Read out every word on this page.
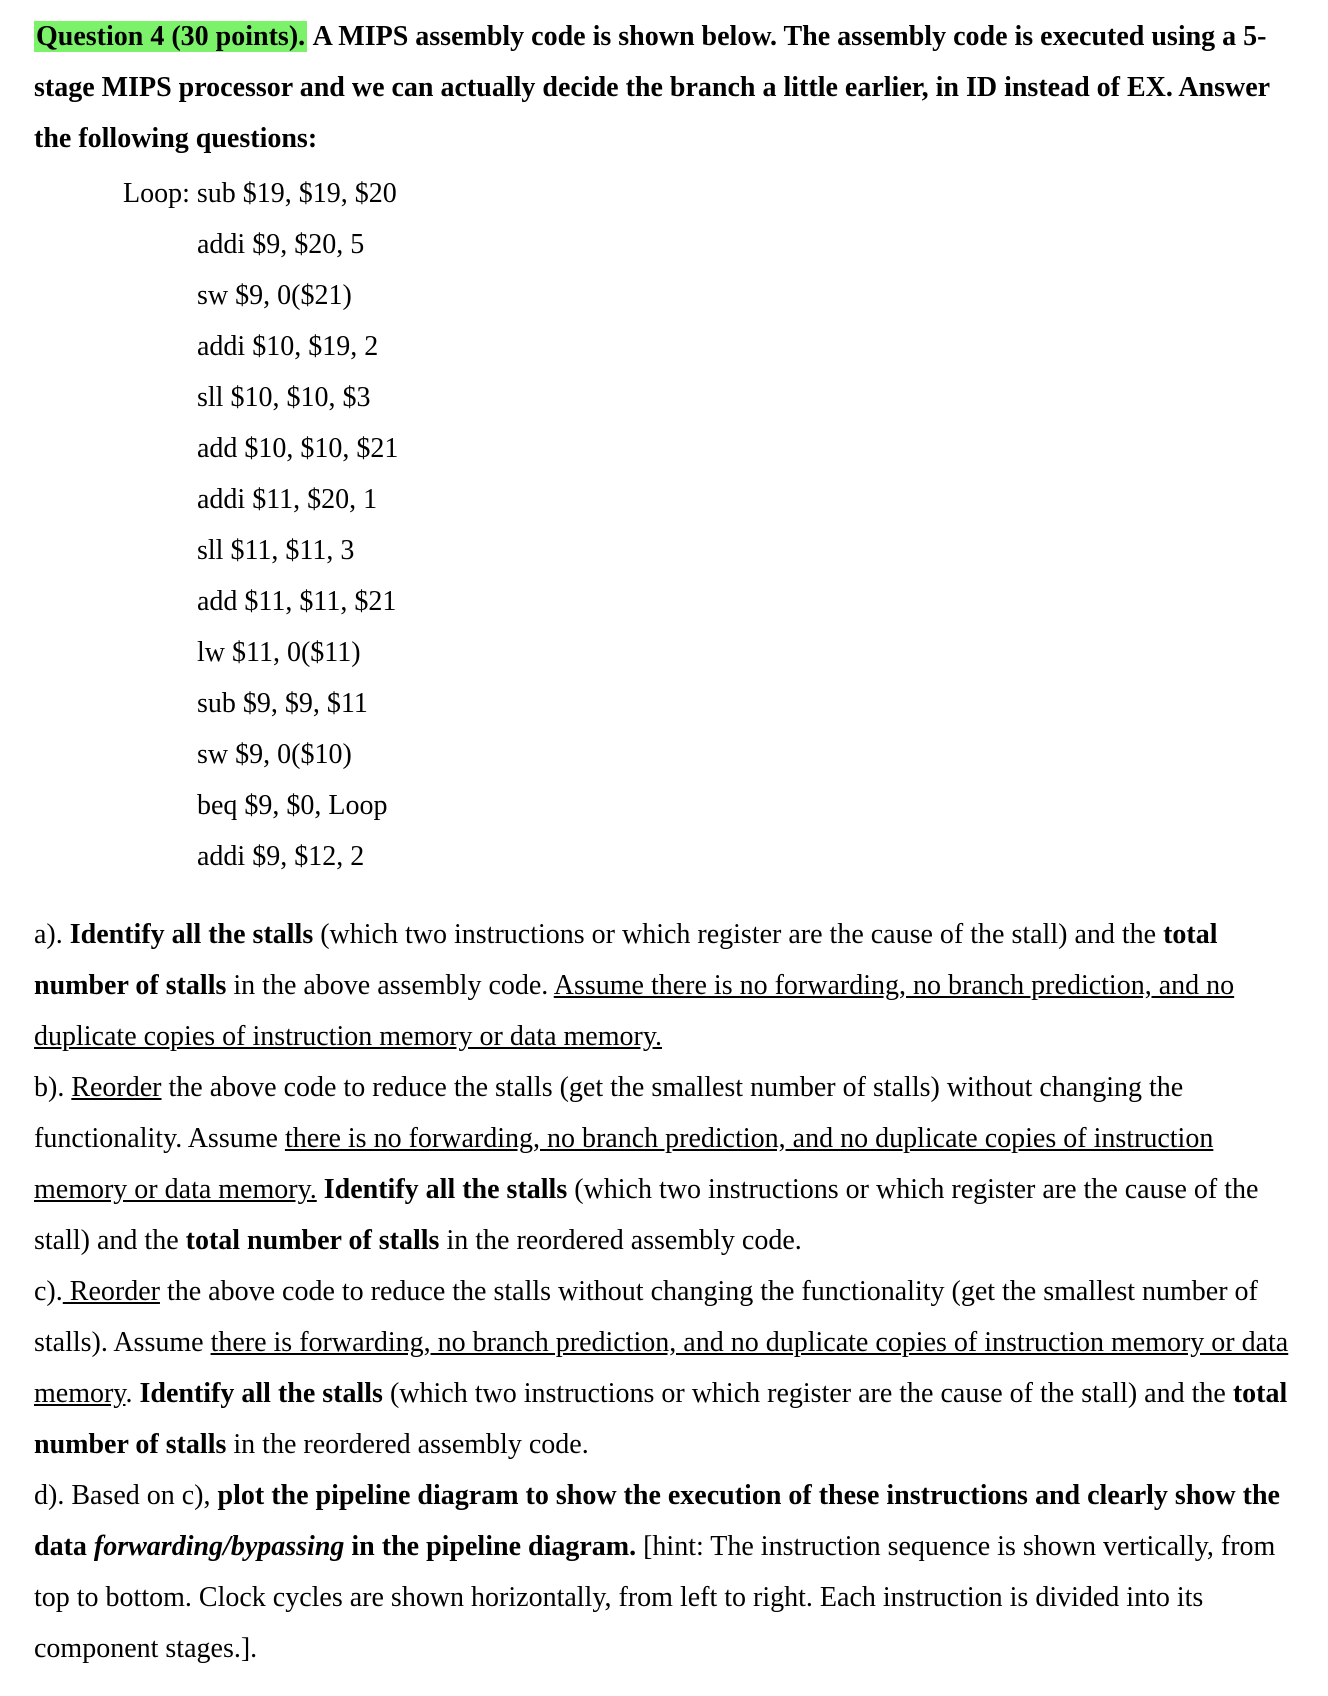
Question 4 (30 points). A MIPS assembly code is shown below. The assembly code is executed using a 5-stage MIPS processor and we can actually decide the branch a little earlier, in ID instead of EX. Answer the following questions:
Loop: sub $19, $19, $20
addi $9, $20, 5
sw $9, 0($21)
addi $10, $19, 2
sll $10, $10, $3
add $10, $10, $21
addi $11, $20, 1
sll $11, $11, 3
add $11, $11, $21
lw $11, 0($11)
sub $9, $9, $11
sw $9, 0($10)
beq $9, $0, Loop
addi $9, $12, 2

a). Identify all the stalls (which two instructions or which register are the cause of the stall) and the total number of stalls in the above assembly code. Assume there is no forwarding, no branch prediction, and no duplicate copies of instruction memory or data memory.

b). Reorder the above code to reduce the stalls (get the smallest number of stalls) without changing the functionality. Assume there is no forwarding, no branch prediction, and no duplicate copies of instruction memory or data memory. Identify all the stalls (which two instructions or which register are the cause of the stall) and the total number of stalls in the reordered assembly code.

c). Reorder the above code to reduce the stalls without changing the functionality (get the smallest number of stalls). Assume there is forwarding, no branch prediction, and no duplicate copies of instruction memory or data memory. Identify all the stalls (which two instructions or which register are the cause of the stall) and the total number of stalls in the reordered assembly code.

d). Based on c), plot the pipeline diagram to show the execution of these instructions and clearly show the data forwarding/bypassing in the pipeline diagram. [hint: The instruction sequence is shown vertically, from top to bottom. Clock cycles are shown horizontally, from left to right. Each instruction is divided into its component stages.].
